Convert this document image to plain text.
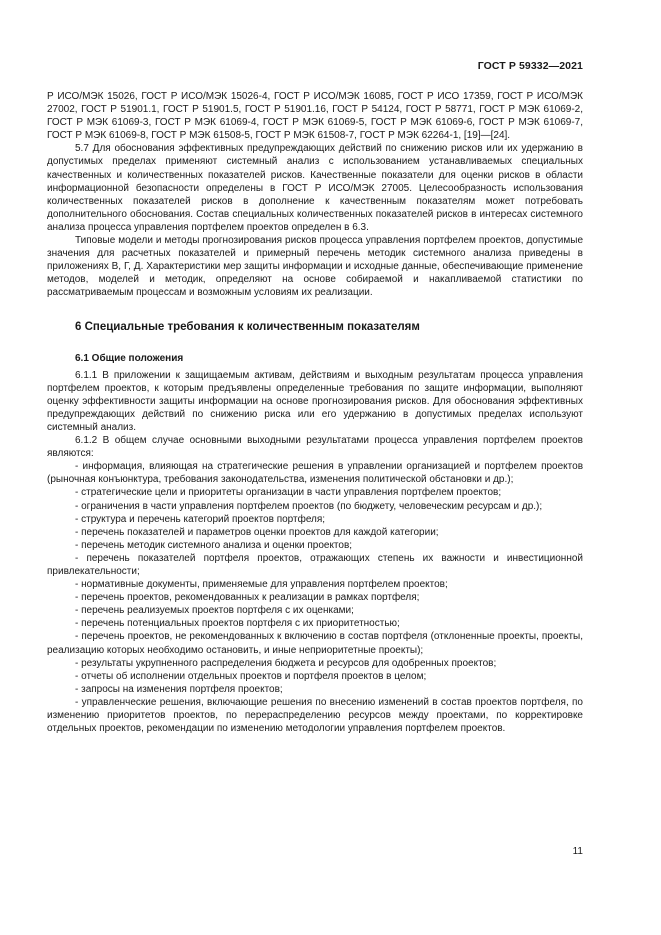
ГОСТ Р 59332—2021

Р ИСО/МЭК 15026, ГОСТ Р ИСО/МЭК 15026-4, ГОСТ Р ИСО/МЭК 16085, ГОСТ Р ИСО 17359, ГОСТ Р ИСО/МЭК 27002, ГОСТ Р 51901.1, ГОСТ Р 51901.5, ГОСТ Р 51901.16, ГОСТ Р 54124, ГОСТ Р 58771, ГОСТ Р МЭК 61069-2, ГОСТ Р МЭК 61069-3, ГОСТ Р МЭК 61069-4, ГОСТ Р МЭК 61069-5, ГОСТ Р МЭК 61069-6, ГОСТ Р МЭК 61069-7, ГОСТ Р МЭК 61069-8, ГОСТ Р МЭК 61508-5, ГОСТ Р МЭК 61508-7, ГОСТ Р МЭК 62264-1, [19]—[24].

5.7 Для обоснования эффективных предупреждающих действий по снижению рисков или их удержанию в допустимых пределах применяют системный анализ с использованием устанавливаемых специальных качественных и количественных показателей рисков. Качественные показатели для оценки рисков в области информационной безопасности определены в ГОСТ Р ИСО/МЭК 27005. Целесообразность использования количественных показателей рисков в дополнение к качественным показателям может потребовать дополнительного обоснования. Состав специальных количественных показателей рисков в интересах системного анализа процесса управления портфелем проектов определен в 6.3.

Типовые модели и методы прогнозирования рисков процесса управления портфелем проектов, допустимые значения для расчетных показателей и примерный перечень методик системного анализа приведены в приложениях В, Г, Д. Характеристики мер защиты информации и исходные данные, обеспечивающие применение методов, моделей и методик, определяют на основе собираемой и накапливаемой статистики по рассматриваемым процессам и возможным условиям их реализации.

6 Специальные требования к количественным показателям
6.1 Общие положения

6.1.1 В приложении к защищаемым активам, действиям и выходным результатам процесса управления портфелем проектов, к которым предъявлены определенные требования по защите информации, выполняют оценку эффективности защиты информации на основе прогнозирования рисков. Для обоснования эффективных предупреждающих действий по снижению риска или его удержанию в допустимых пределах используют системный анализ.

6.1.2 В общем случае основными выходными результатами процесса управления портфелем проектов являются:

- информация, влияющая на стратегические решения в управлении организацией и портфелем проектов (рыночная конъюнктура, требования законодательства, изменения политической обстановки и др.);

- стратегические цели и приоритеты организации в части управления портфелем проектов;

- ограничения в части управления портфелем проектов (по бюджету, человеческим ресурсам и др.);

- структура и перечень категорий проектов портфеля;

- перечень показателей и параметров оценки проектов для каждой категории;

- перечень методик системного анализа и оценки проектов;

- перечень показателей портфеля проектов, отражающих степень их важности и инвестиционной привлекательности;

- нормативные документы, применяемые для управления портфелем проектов;

- перечень проектов, рекомендованных к реализации в рамках портфеля;

- перечень реализуемых проектов портфеля с их оценками;

- перечень потенциальных проектов портфеля с их приоритетностью;

- перечень проектов, не рекомендованных к включению в состав портфеля (отклоненные проекты, проекты, реализацию которых необходимо остановить, и иные неприоритетные проекты);

- результаты укрупненного распределения бюджета и ресурсов для одобренных проектов;

- отчеты об исполнении отдельных проектов и портфеля проектов в целом;

- запросы на изменения портфеля проектов;

- управленческие решения, включающие решения по внесению изменений в состав проектов портфеля, по изменению приоритетов проектов, по перераспределению ресурсов между проектами, по корректировке отдельных проектов, рекомендации по изменению методологии управления портфелем проектов.

11
